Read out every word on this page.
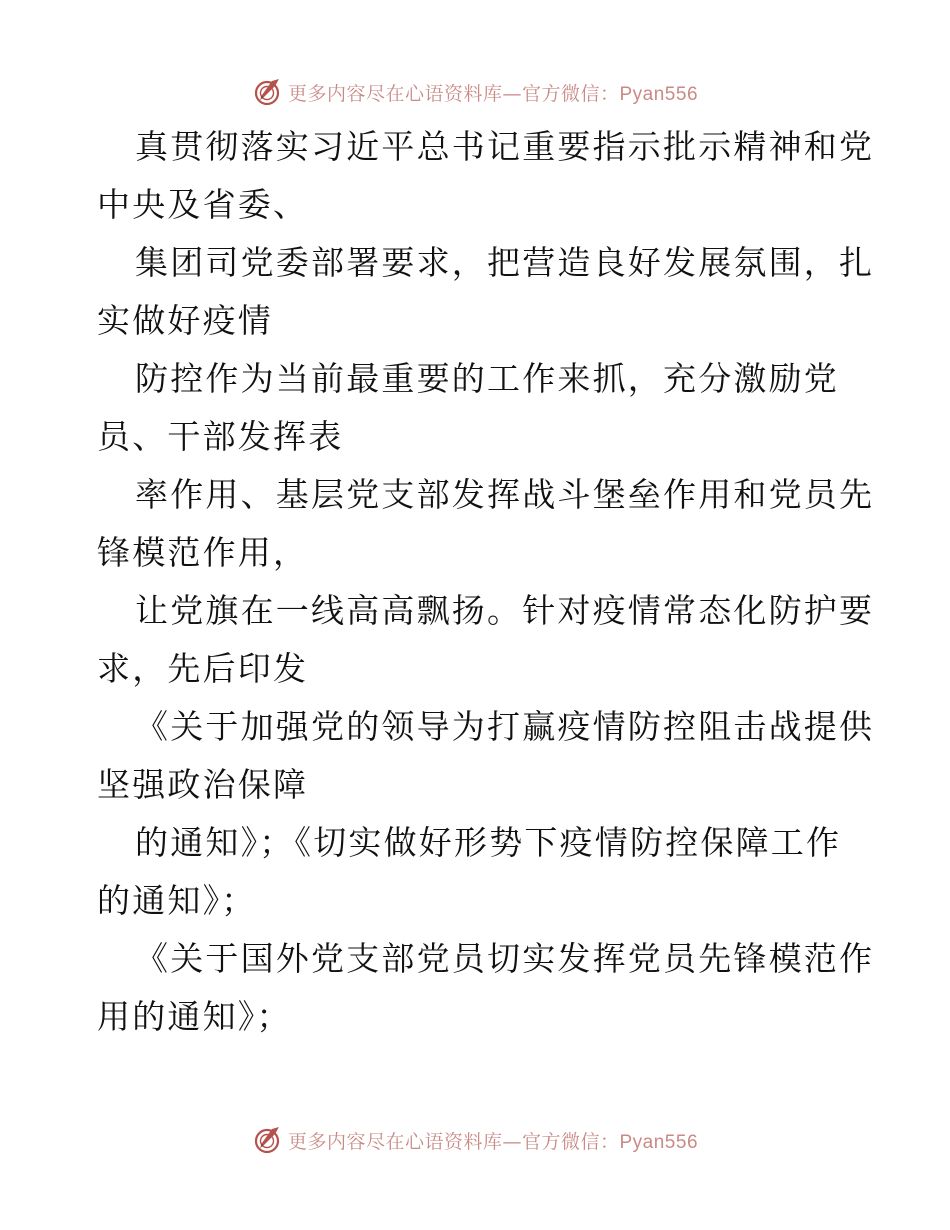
更多内容尽在心语资料库—官方微信：Pyan556
真贯彻落实习近平总书记重要指示批示精神和党
中央及省委、
集团司党委部署要求，把营造良好发展氛围，扎
实做好疫情
防控作为当前最重要的工作来抓，充分激励党
员、干部发挥表
率作用、基层党支部发挥战斗堡垒作用和党员先
锋模范作用，
让党旗在一线高高飘扬。针对疫情常态化防护要
求，先后印发
《关于加强党的领导为打赢疫情防控阻击战提供
坚强政治保障
的通知》；《切实做好形势下疫情防控保障工作
的通知》；
《关于国外党支部党员切实发挥党员先锋模范作
用的通知》；
更多内容尽在心语资料库—官方微信：Pyan556
